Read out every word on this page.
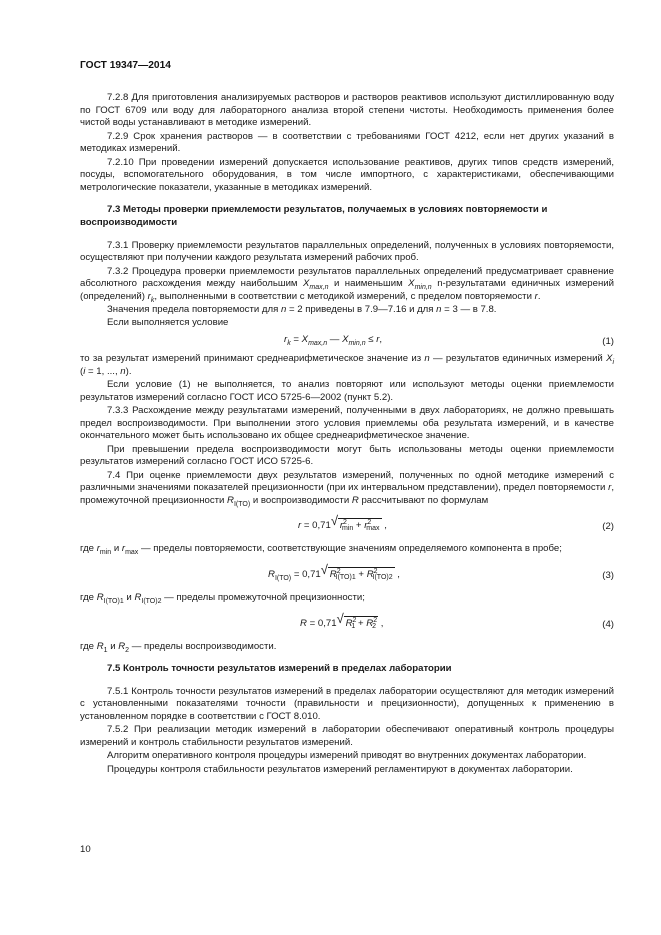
ГОСТ 19347—2014

7.2.8 Для приготовления анализируемых растворов и растворов реактивов используют дистиллированную воду по ГОСТ 6709 или воду для лабораторного анализа второй степени чистоты. Необходимость применения более чистой воды устанавливают в методике измерений.

7.2.9 Срок хранения растворов — в соответствии с требованиями ГОСТ 4212, если нет других указаний в методиках измерений.

7.2.10 При проведении измерений допускается использование реактивов, других типов средств измерений, посуды, вспомогательного оборудования, в том числе импортного, с характеристиками, обеспечивающими метрологические показатели, указанные в методиках измерений.

7.3 Методы проверки приемлемости результатов, получаемых в условиях повторяемости и воспроизводимости

7.3.1 Проверку приемлемости результатов параллельных определений, полученных в условиях повторяемости, осуществляют при получении каждого результата измерений рабочих проб.

7.3.2 Процедура проверки приемлемости результатов параллельных определений предусматривает сравнение абсолютного расхождения между наибольшим $X_{max,n}$ и наименьшим $X_{min,n}$ n-результатами единичных измерений (определений) $r_k$, выполненными в соответствии с методикой измерений, с пределом повторяемости r.

Значения предела повторяемости для n = 2 приведены в 7.9—7.16 и для n = 3 — в 7.8.

Если выполняется условие

$r_k = X_{max,n}$ — $X_{min,n} \le r$,	(1)

то за результат измерений принимают среднеарифметическое значение из n — результатов единичных измерений $X_i$ (i = 1, ..., n).

Если условие (1) не выполняется, то анализ повторяют или используют методы оценки приемлемости результатов измерений согласно ГОСТ ИСО 5725-6—2002 (пункт 5.2).

7.3.3 Расхождение между результатами измерений, полученными в двух лабораториях, не должно превышать предел воспроизводимости. При выполнении этого условия приемлемы оба результата измерений, и в качестве окончательного может быть использовано их общее среднеарифметическое значение.

При превышении предела воспроизводимости могут быть использованы методы оценки приемлемости результатов измерений согласно ГОСТ ИСО 5725-6.

7.4 При оценке приемлемости двух результатов измерений, полученных по одной методике измерений с различными значениями показателей прецизионности (при их интервальном представлении), предел повторяемости r, промежуточной прецизионности $R_{I(TO)}$ и воспроизводимости R рассчитывают по формулам

r = 0,71 √ $r^2_{min} + r^2_{max}$ ,	(2)

где $r_{min}$ и $r_{max}$ — пределы повторяемости, соответствующие значениям определяемого компонента в пробе;

$R_{I(TO)} = 0,71$ √ $R^2_{I(TO)1} + R^2_{I(TO)2}$ ,	(3)

где $R_{I(TO)1}$ и $R_{I(TO)2}$ — пределы промежуточной прецизионности;

R = 0,71 √ $R^2_1 + R^2_2$ ,	(4)

где $R_1$ и $R_2$ — пределы воспроизводимости.

7.5 Контроль точности результатов измерений в пределах лаборатории

7.5.1 Контроль точности результатов измерений в пределах лаборатории осуществляют для методик измерений с установленными показателями точности (правильности и прецизионности), допущенных к применению в установленном порядке в соответствии с ГОСТ 8.010.

7.5.2 При реализации методик измерений в лаборатории обеспечивают оперативный контроль процедуры измерений и контроль стабильности результатов измерений.

Алгоритм оперативного контроля процедуры измерений приводят во внутренних документах лаборатории.

Процедуры контроля стабильности результатов измерений регламентируют в документах лаборатории.

10
